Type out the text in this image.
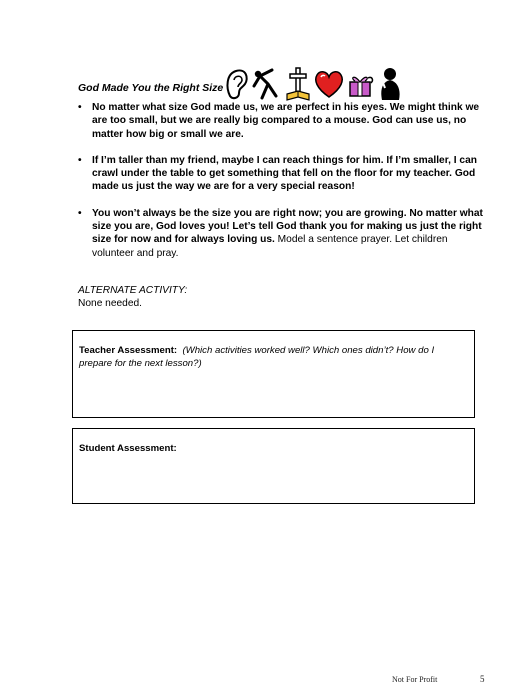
God Made You the Right Size
• No matter what size God made us, we are perfect in his eyes. We might think we are too small, but we are really big compared to a mouse. God can use us, no matter how big or small we are.
• If I’m taller than my friend, maybe I can reach things for him. If I’m smaller, I can crawl under the table to get something that fell on the floor for my teacher. God made us just the way we are for a very special reason!
• You won’t always be the size you are right now; you are growing. No matter what size you are, God loves you! Let’s tell God thank you for making us just the right size for now and for always loving us. Model a sentence prayer. Let children volunteer and pray.
ALTERNATE ACTIVITY:
None needed.
Teacher Assessment: (Which activities worked well? Which ones didn’t? How do I prepare for the next lesson?)
Student Assessment:
Not For Profit	5
